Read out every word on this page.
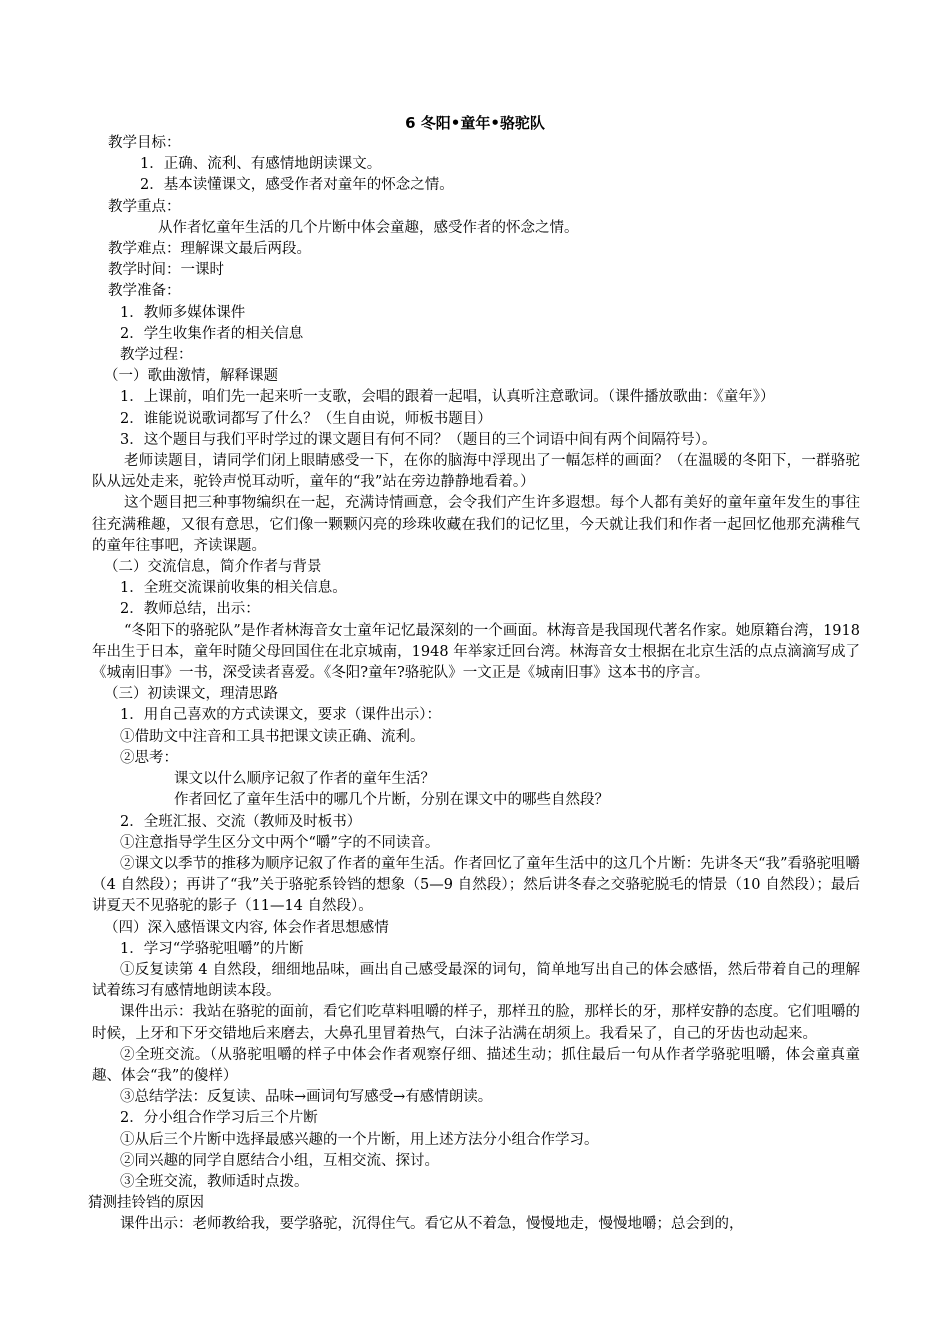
6 冬阳•童年•骆驼队
教学目标：
1．正确、流利、有感情地朗读课文。
2．基本读懂课文，感受作者对童年的怀念之情。
教学重点：
从作者忆童年生活的几个片断中体会童趣，感受作者的怀念之情。
教学难点：理解课文最后两段。
教学时间：一课时
教学准备：
1．教师多媒体课件
2．学生收集作者的相关信息
教学过程：
（一）歌曲激情，解释课题
1．上课前，咱们先一起来听一支歌，会唱的跟着一起唱，认真听注意歌词。（课件播放歌曲：《童年》）
2．谁能说说歌词都写了什么？（生自由说，师板书题目）
3．这个题目与我们平时学过的课文题目有何不同？（题目的三个词语中间有两个间隔符号）。
老师读题目，请同学们闭上眼睛感受一下，在你的脑海中浮现出了一幅怎样的画面？（在温暖的冬阳下，一群骆驼队从远处走来，驼铃声悦耳动听，童年的“我”站在旁边静静地看着。）
这个题目把三种事物编织在一起，充满诗情画意，会令我们产生许多遐想。每个人都有美好的童年童年发生的事往往充满稚趣，又很有意思，它们像一颗颗闪亮的珍珠收藏在我们的记忆里，今天就让我们和作者一起回忆他那充满稚气的童年往事吧，齐读课题。
（二）交流信息，简介作者与背景
1．全班交流课前收集的相关信息。
2．教师总结，出示：
“冬阳下的骆驼队”是作者林海音女士童年记忆最深刻的一个画面。林海音是我国现代著名作家。她原籍台湾，1918 年出生于日本，童年时随父母回国住在北京城南，1948 年举家迁回台湾。林海音女士根据在北京生活的点点滴滴写成了《城南旧事》一书，深受读者喜爱。《冬阳?童年?骆驼队》一文正是《城南旧事》这本书的序言。
（三）初读课文，理清思路
1．用自己喜欢的方式读课文，要求（课件出示）：
①借助文中注音和工具书把课文读正确、流利。
②思考：
课文以什么顺序记叙了作者的童年生活？
作者回忆了童年生活中的哪几个片断，分别在课文中的哪些自然段？
2．全班汇报、交流（教师及时板书）
①注意指导学生区分文中两个“嚼”字的不同读音。
②课文以季节的推移为顺序记叙了作者的童年生活。作者回忆了童年生活中的这几个片断：先讲冬天“我”看骆驼咀嚼（4 自然段）；再讲了“我”关于骆驼系铃铛的想象（5—9 自然段）；然后讲冬春之交骆驼脱毛的情景（10 自然段）；最后讲夏天不见骆驼的影子（11—14 自然段）。
（四）深入感悟课文内容, 体会作者思想感情
1．学习“学骆驼咀嚼”的片断
①反复读第 4 自然段，细细地品味，画出自己感受最深的词句，简单地写出自己的体会感悟，然后带着自己的理解试着练习有感情地朗读本段。
课件出示：我站在骆驼的面前，看它们吃草料咀嚼的样子，那样丑的脸，那样长的牙，那样安静的态度。它们咀嚼的时候，上牙和下牙交错地后来磨去，大鼻孔里冒着热气，白沫子沾满在胡须上。我看呆了，自己的牙齿也动起来。
②全班交流。（从骆驼咀嚼的样子中体会作者观察仔细、描述生动；抓住最后一句从作者学骆驼咀嚼，体会童真童趣、体会“我”的傻样）
③总结学法：反复读、品味→画词句写感受→有感情朗读。
2．分小组合作学习后三个片断
①从后三个片断中选择最感兴趣的一个片断，用上述方法分小组合作学习。
②同兴趣的同学自愿结合小组，互相交流、探讨。
③全班交流，教师适时点拨。
猜测挂铃铛的原因
课件出示：老师教给我，要学骆驼，沉得住气。看它从不着急，慢慢地走，慢慢地嚼；总会到的，
